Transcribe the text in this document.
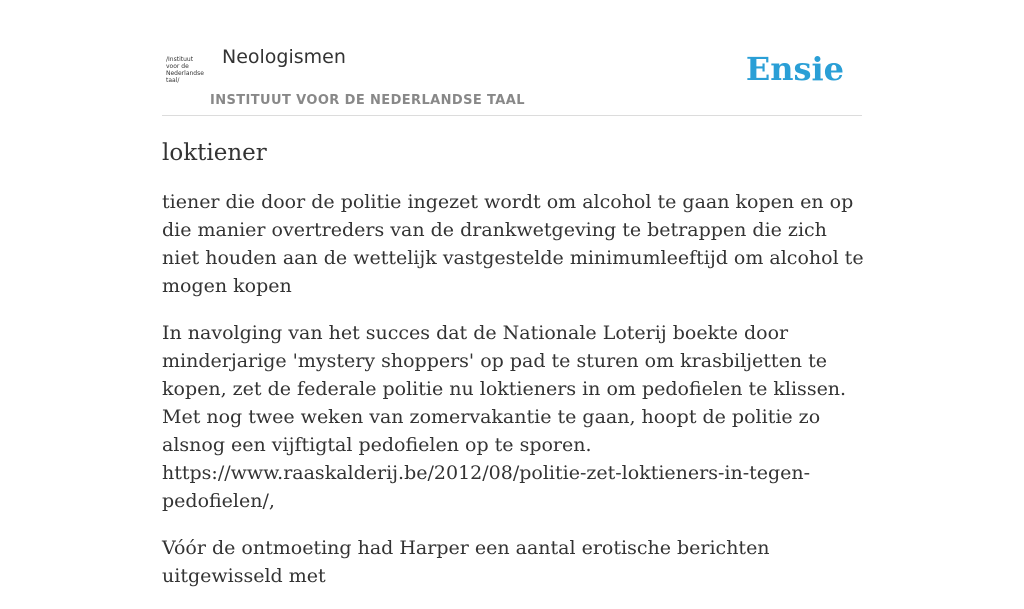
/Instituut
voor de
Nederlandse
taal/
Neologismen
INSTITUUT VOOR DE NEDERLANDSE TAAL
Ensie
loktiener

tiener die door de politie ingezet wordt om alcohol te gaan kopen en op die manier overtreders van de drankwetgeving te betrappen die zich niet houden aan de wettelijk vastgestelde minimumleeftijd om alcohol te mogen kopen

In navolging van het succes dat de Nationale Loterij boekte door minderjarige 'mystery shoppers' op pad te sturen om krasbiljetten te kopen, zet de federale politie nu loktieners in om pedofielen te klissen. Met nog twee weken van zomervakantie te gaan, hoopt de politie zo alsnog een vijftigtal pedofielen op te sporen.
https://www.raaskalderij.be/2012/08/politie-zet-loktieners-in-tegen-pedofielen/,

Vóór de ontmoeting had Harper een aantal erotische berichten uitgewisseld met
